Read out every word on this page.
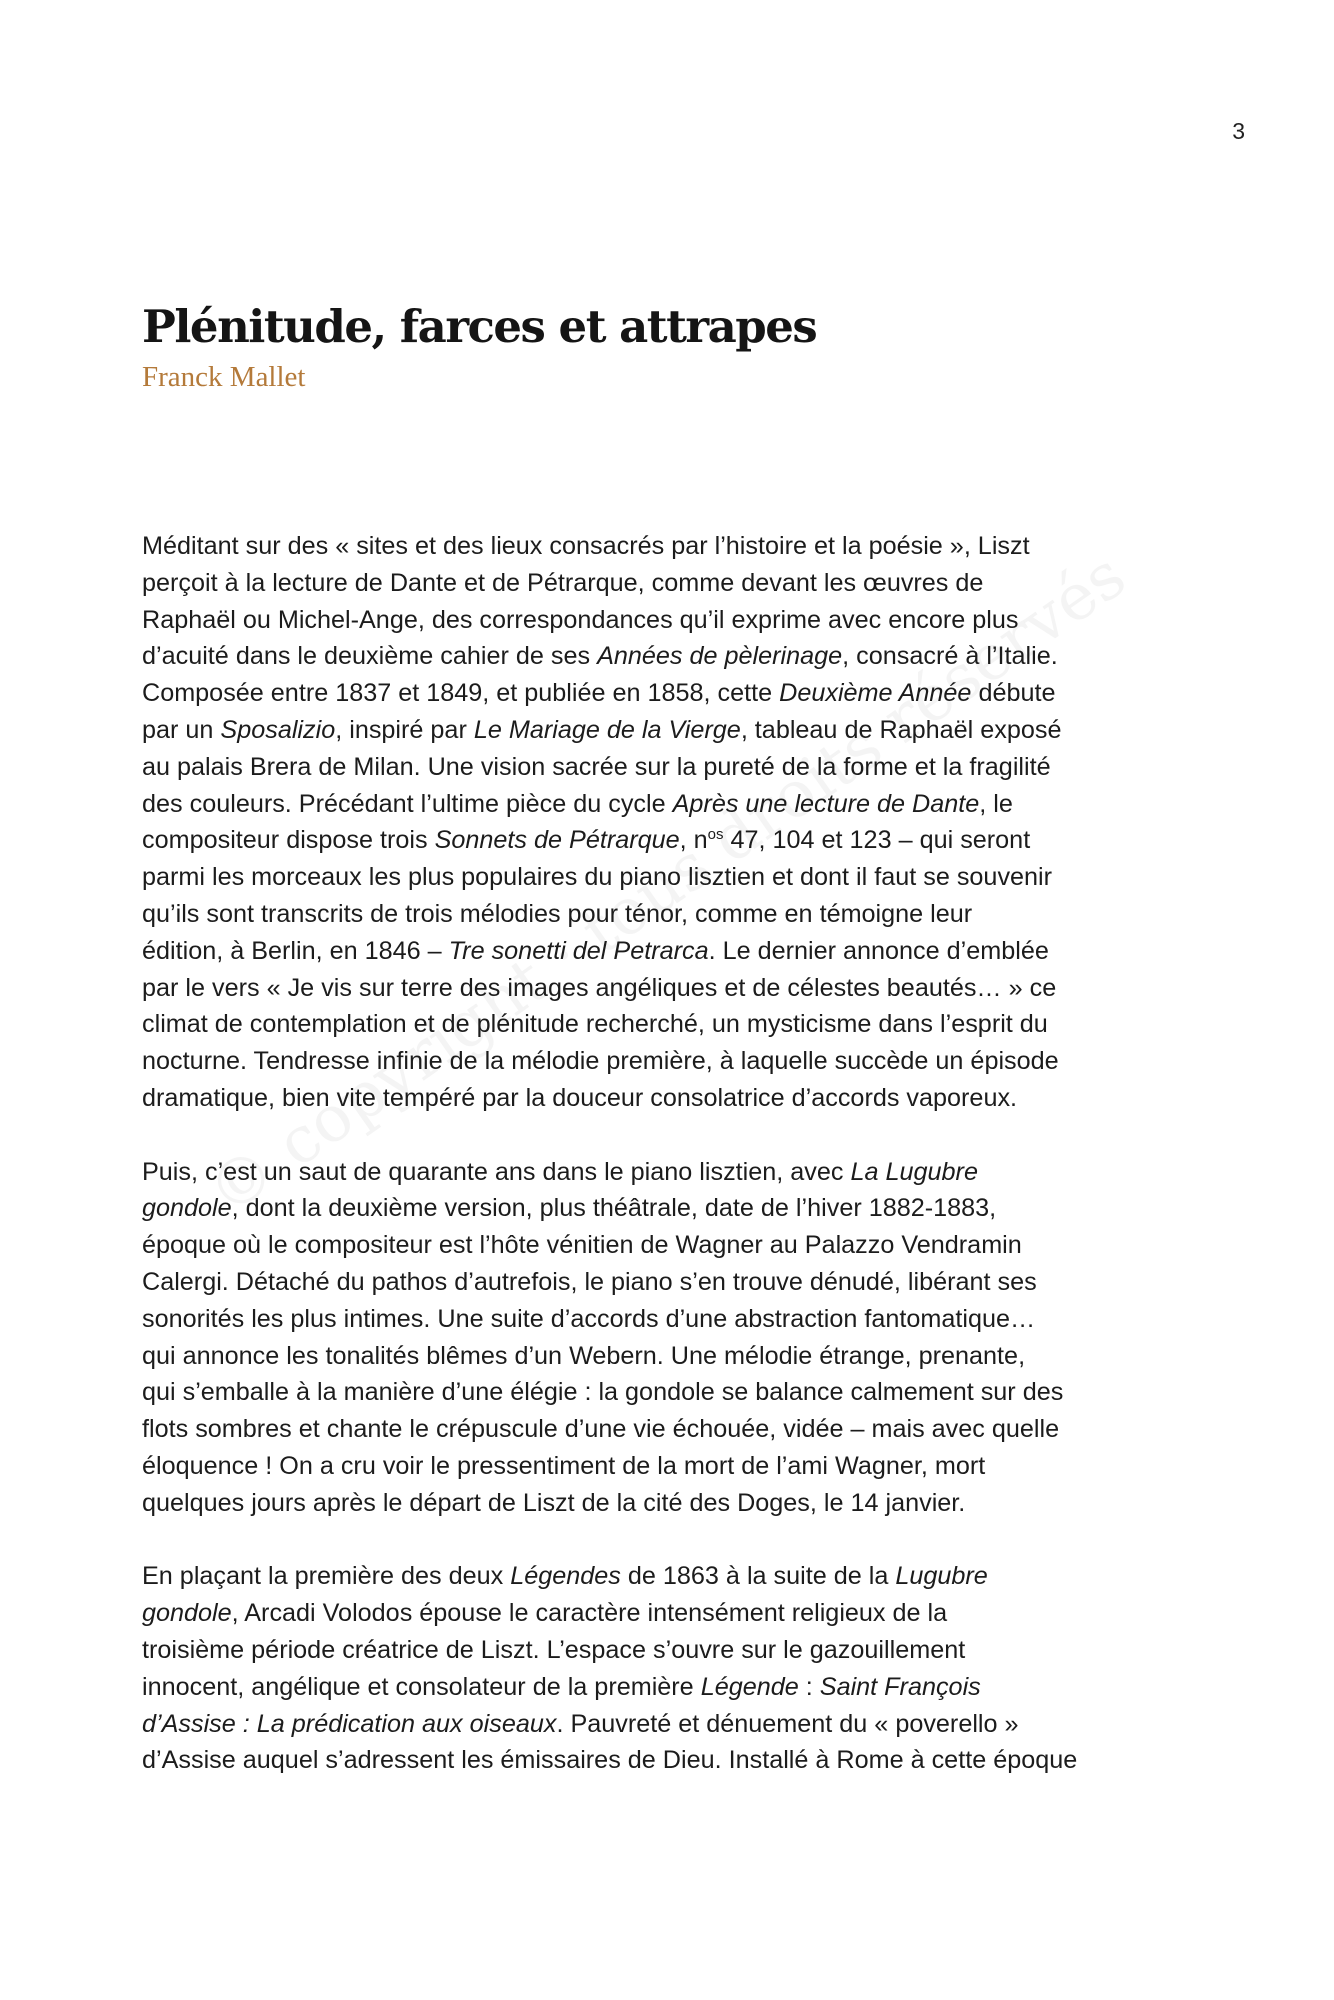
3
Plénitude, farces et attrapes
Franck Mallet

Méditant sur des « sites et des lieux consacrés par l’histoire et la poésie », Liszt
perçoit à la lecture de Dante et de Pétrarque, comme devant les œuvres de
Raphaël ou Michel-Ange, des correspondances qu’il exprime avec encore plus
d’acuité dans le deuxième cahier de ses Années de pèlerinage, consacré à l’Italie.
Composée entre 1837 et 1849, et publiée en 1858, cette Deuxième Année débute
par un Sposalizio, inspiré par Le Mariage de la Vierge, tableau de Raphaël exposé
au palais Brera de Milan. Une vision sacrée sur la pureté de la forme et la fragilité
des couleurs. Précédant l’ultime pièce du cycle Après une lecture de Dante, le
compositeur dispose trois Sonnets de Pétrarque, $n^{os}$ 47, 104 et 123 – qui seront
parmi les morceaux les plus populaires du piano lisztien et dont il faut se souvenir
qu’ils sont transcrits de trois mélodies pour ténor, comme en témoigne leur
édition, à Berlin, en 1846 – Tre sonetti del Petrarca. Le dernier annonce d’emblée
par le vers « Je vis sur terre des images angéliques et de célestes beautés… » ce
climat de contemplation et de plénitude recherché, un mysticisme dans l’esprit du
nocturne. Tendresse infinie de la mélodie première, à laquelle succède un épisode
dramatique, bien vite tempéré par la douceur consolatrice d’accords vaporeux.

Puis, c’est un saut de quarante ans dans le piano lisztien, avec La Lugubre
gondole, dont la deuxième version, plus théâtrale, date de l’hiver 1882-1883,
époque où le compositeur est l’hôte vénitien de Wagner au Palazzo Vendramin
Calergi. Détaché du pathos d’autrefois, le piano s’en trouve dénudé, libérant ses
sonorités les plus intimes. Une suite d’accords d’une abstraction fantomatique…
qui annonce les tonalités blêmes d’un Webern. Une mélodie étrange, prenante,
qui s’emballe à la manière d’une élégie : la gondole se balance calmement sur des
flots sombres et chante le crépuscule d’une vie échouée, vidée – mais avec quelle
éloquence ! On a cru voir le pressentiment de la mort de l’ami Wagner, mort
quelques jours après le départ de Liszt de la cité des Doges, le 14 janvier.

En plaçant la première des deux Légendes de 1863 à la suite de la Lugubre
gondole, Arcadi Volodos épouse le caractère intensément religieux de la
troisième période créatrice de Liszt. L’espace s’ouvre sur le gazouillement
innocent, angélique et consolateur de la première Légende : Saint François
d’Assise : La prédication aux oiseaux. Pauvreté et dénuement du « poverello »
d’Assise auquel s’adressent les émissaires de Dieu. Installé à Rome à cette époque
